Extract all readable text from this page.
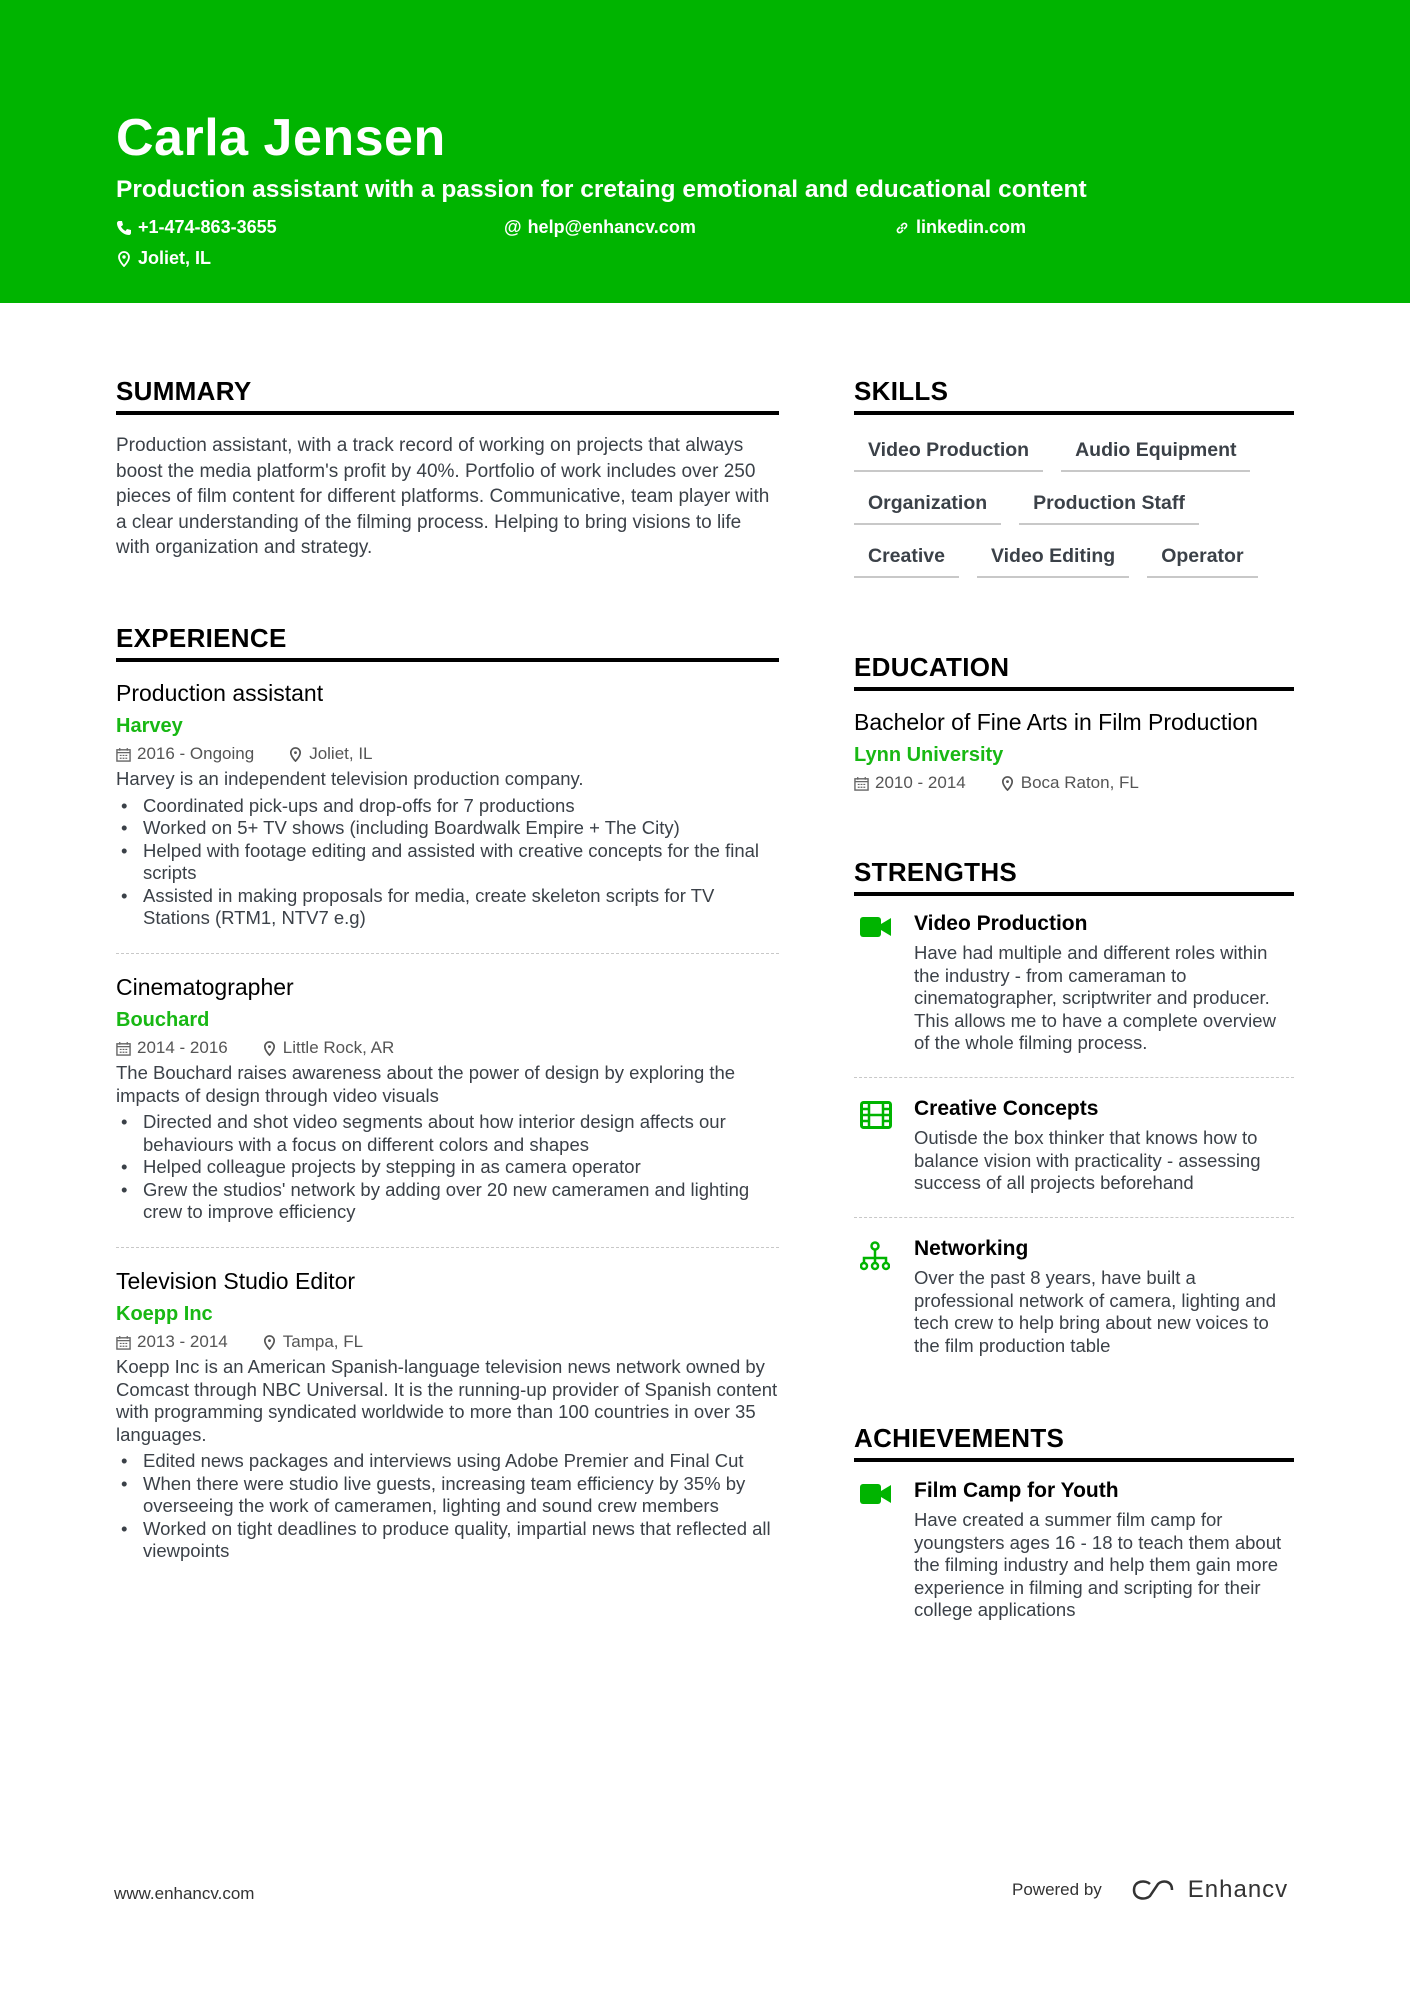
Carla Jensen
Production assistant with a passion for cretaing emotional and educational content
+1-474-863-3655	@ help@enhancv.com	linkedin.com
Joliet, IL
SUMMARY
Production assistant, with a track record of working on projects that always boost the media platform's profit by 40%. Portfolio of work includes over 250 pieces of film content for different platforms. Communicative, team player with a clear understanding of the filming process. Helping to bring visions to life with organization and strategy.
EXPERIENCE
Production assistant
Harvey
2016 - Ongoing	Joliet, IL
Harvey is an independent television production company.
• Coordinated pick-ups and drop-offs for 7 productions
• Worked on 5+ TV shows (including Boardwalk Empire + The City)
• Helped with footage editing and assisted with creative concepts for the final scripts
• Assisted in making proposals for media, create skeleton scripts for TV Stations (RTM1, NTV7 e.g)
Cinematographer
Bouchard
2014 - 2016	Little Rock, AR
The Bouchard raises awareness about the power of design by exploring the impacts of design through video visuals
• Directed and shot video segments about how interior design affects our behaviours with a focus on different colors and shapes
• Helped colleague projects by stepping in as camera operator
• Grew the studios' network by adding over 20 new cameramen and lighting crew to improve efficiency
Television Studio Editor
Koepp Inc
2013 - 2014	Tampa, FL
Koepp Inc is an American Spanish-language television news network owned by Comcast through NBC Universal. It is the running-up provider of Spanish content with programming syndicated worldwide to more than 100 countries in over 35 languages.
• Edited news packages and interviews using Adobe Premier and Final Cut
• When there were studio live guests, increasing team efficiency by 35% by overseeing the work of cameramen, lighting and sound crew members
• Worked on tight deadlines to produce quality, impartial news that reflected all viewpoints
SKILLS
Video Production	Audio Equipment
Organization	Production Staff
Creative	Video Editing	Operator
EDUCATION
Bachelor of Fine Arts in Film Production
Lynn University
2010 - 2014	Boca Raton, FL
STRENGTHS
Video Production
Have had multiple and different roles within the industry - from cameraman to cinematographer, scriptwriter and producer. This allows me to have a complete overview of the whole filming process.
Creative Concepts
Outisde the box thinker that knows how to balance vision with practicality - assessing success of all projects beforehand
Networking
Over the past 8 years, have built a professional network of camera, lighting and tech crew to help bring about new voices to the film production table
ACHIEVEMENTS
Film Camp for Youth
Have created a summer film camp for youngsters ages 16 - 18 to teach them about the filming industry and help them gain more experience in filming and scripting for their college applications
www.enhancv.com	Powered by	Enhancv
